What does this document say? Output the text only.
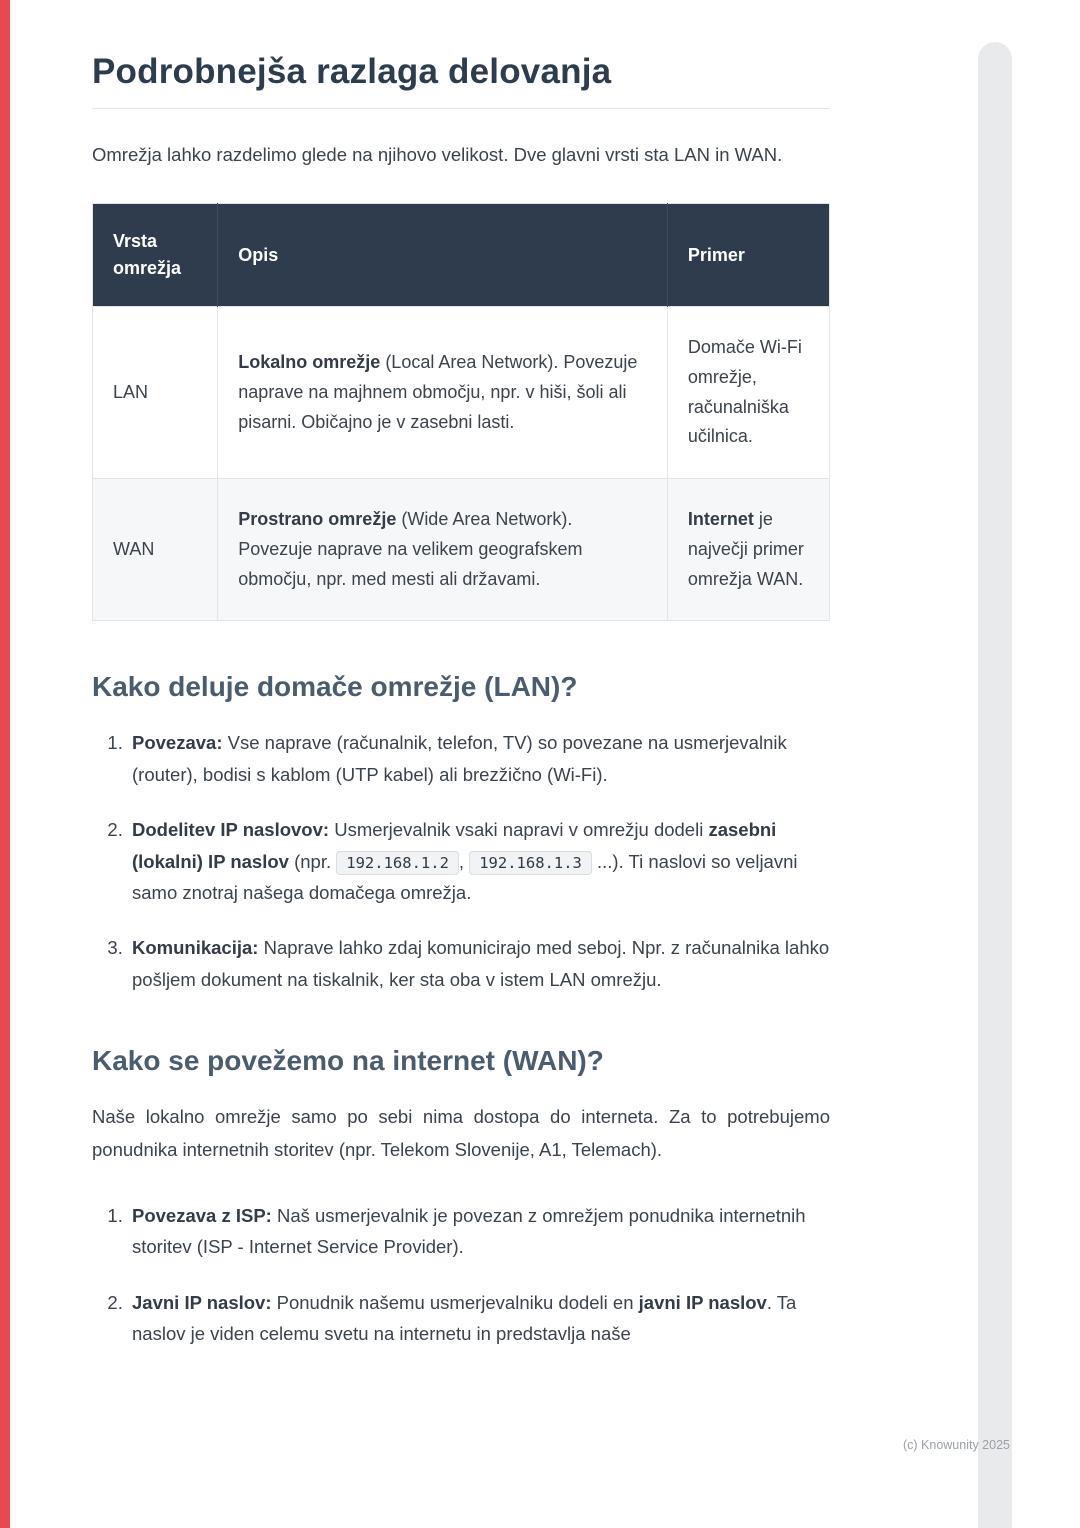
Podrobnejša razlaga delovanja

Omrežja lahko razdelimo glede na njihovo velikost. Dve glavni vrsti sta LAN in WAN.

Vrsta omrežja	Opis	Primer
LAN	Lokalno omrežje (Local Area Network). Povezuje naprave na majhnem območju, npr. v hiši, šoli ali pisarni. Običajno je v zasebni lasti.	Domače Wi-Fi omrežje, računalniška učilnica.
WAN	Prostrano omrežje (Wide Area Network). Povezuje naprave na velikem geografskem območju, npr. med mesti ali državami.	Internet je največji primer omrežja WAN.
Kako deluje domače omrežje (LAN)?
1. Povezava: Vse naprave (računalnik, telefon, TV) so povezane na usmerjevalnik (router), bodisi s kablom (UTP kabel) ali brezžično (Wi-Fi).
2. Dodelitev IP naslovov: Usmerjevalnik vsaki napravi v omrežju dodeli zasebni (lokalni) IP naslov (npr. 192.168.1.2 , 192.168.1.3 ...). Ti naslovi so veljavni samo znotraj našega domačega omrežja.
3. Komunikacija: Naprave lahko zdaj komunicirajo med seboj. Npr. z računalnika lahko pošljem dokument na tiskalnik, ker sta oba v istem LAN omrežju.
Kako se povežemo na internet (WAN)?

Naše lokalno omrežje samo po sebi nima dostopa do interneta. Za to potrebujemo ponudnika internetnih storitev (npr. Telekom Slovenije, A1, Telemach).

1. Povezava z ISP: Naš usmerjevalnik je povezan z omrežjem ponudnika internetnih storitev (ISP - Internet Service Provider).
2. Javni IP naslov: Ponudnik našemu usmerjevalniku dodeli en javni IP naslov. Ta naslov je viden celemu svetu na internetu in predstavlja naše
(c) Knowunity 2025
